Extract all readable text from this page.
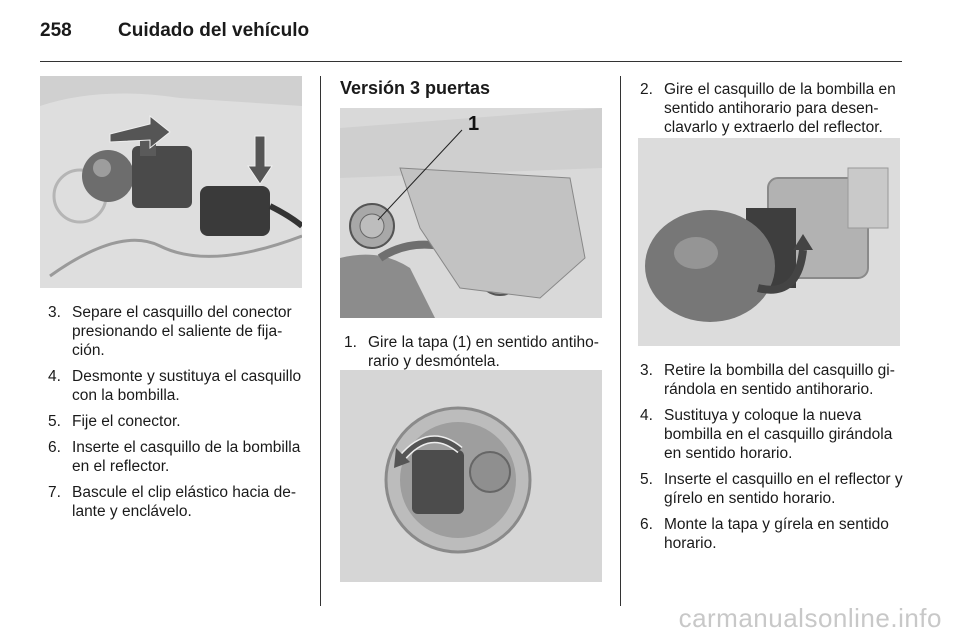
258 Cuidado del vehículo
3. Separe el casquillo del conector presionando el saliente de fija-ción.
4. Desmonte y sustituya el casquillo con la bombilla.
5. Fije el conector.
6. Inserte el casquillo de la bombilla en el reflector.
7. Bascule el clip elástico hacia de-lante y enclávelo.
Versión 3 puertas
1
1. Gire la tapa (1) en sentido antiho-rario y desmóntela.
2. Gire el casquillo de la bombilla en sentido antihorario para desen-clavarlo y extraerlo del reflector.
3. Retire la bombilla del casquillo gi-rándola en sentido antihorario.
4. Sustituya y coloque la nueva bombilla en el casquillo girándola en sentido horario.
5. Inserte el casquillo en el reflector y gírelo en sentido horario.
6. Monte la tapa y gírela en sentido horario.
carmanualsonline.info
